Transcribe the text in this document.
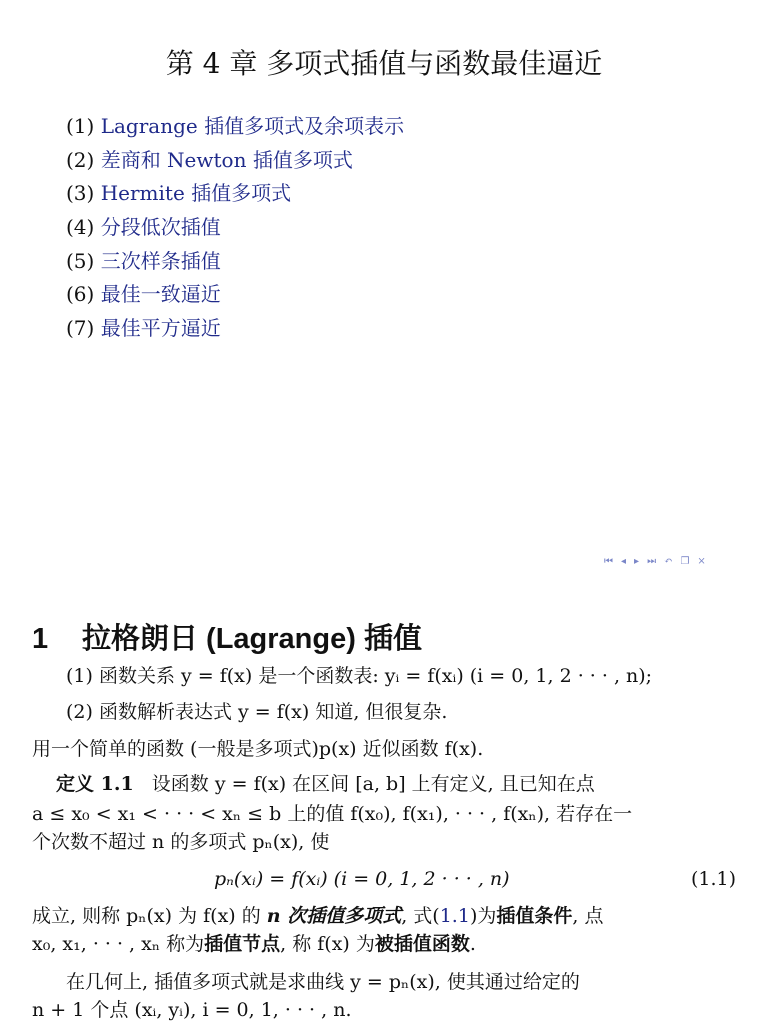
第 4 章 多项式插值与函数最佳逼近
(1) Lagrange 插值多项式及余项表示
(2) 差商和 Newton 插值多项式
(3) Hermite 插值多项式
(4) 分段低次插值
(5) 三次样条插值
(6) 最佳一致逼近
(7) 最佳平方逼近
⏮ ◂ ▸ ⏭ ↶ ❐ ×
1 拉格朗日 (Lagrange) 插值
(1) 函数关系 y = f(x) 是一个函数表: yᵢ = f(xᵢ) (i = 0, 1, 2 · · · , n);
(2) 函数解析表达式 y = f(x) 知道, 但很复杂.
用一个简单的函数 (一般是多项式)p(x) 近似函数 f(x).
定义 1.1 设函数 y = f(x) 在区间 [a, b] 上有定义, 且已知在点
a ≤ x₀ < x₁ < · · · < xₙ ≤ b 上的值 f(x₀), f(x₁), · · · , f(xₙ), 若存在一
个次数不超过 n 的多项式 pₙ(x), 使
pₙ(xᵢ) = f(xᵢ) (i = 0, 1, 2 · · · , n)	(1.1)
成立, 则称 pₙ(x) 为 f(x) 的 n 次插值多项式, 式(1.1)为插值条件, 点
x₀, x₁, · · · , xₙ 称为插值节点, 称 f(x) 为被插值函数.
在几何上, 插值多项式就是求曲线 y = pₙ(x), 使其通过给定的
n + 1 个点 (xᵢ, yᵢ), i = 0, 1, · · · , n.
